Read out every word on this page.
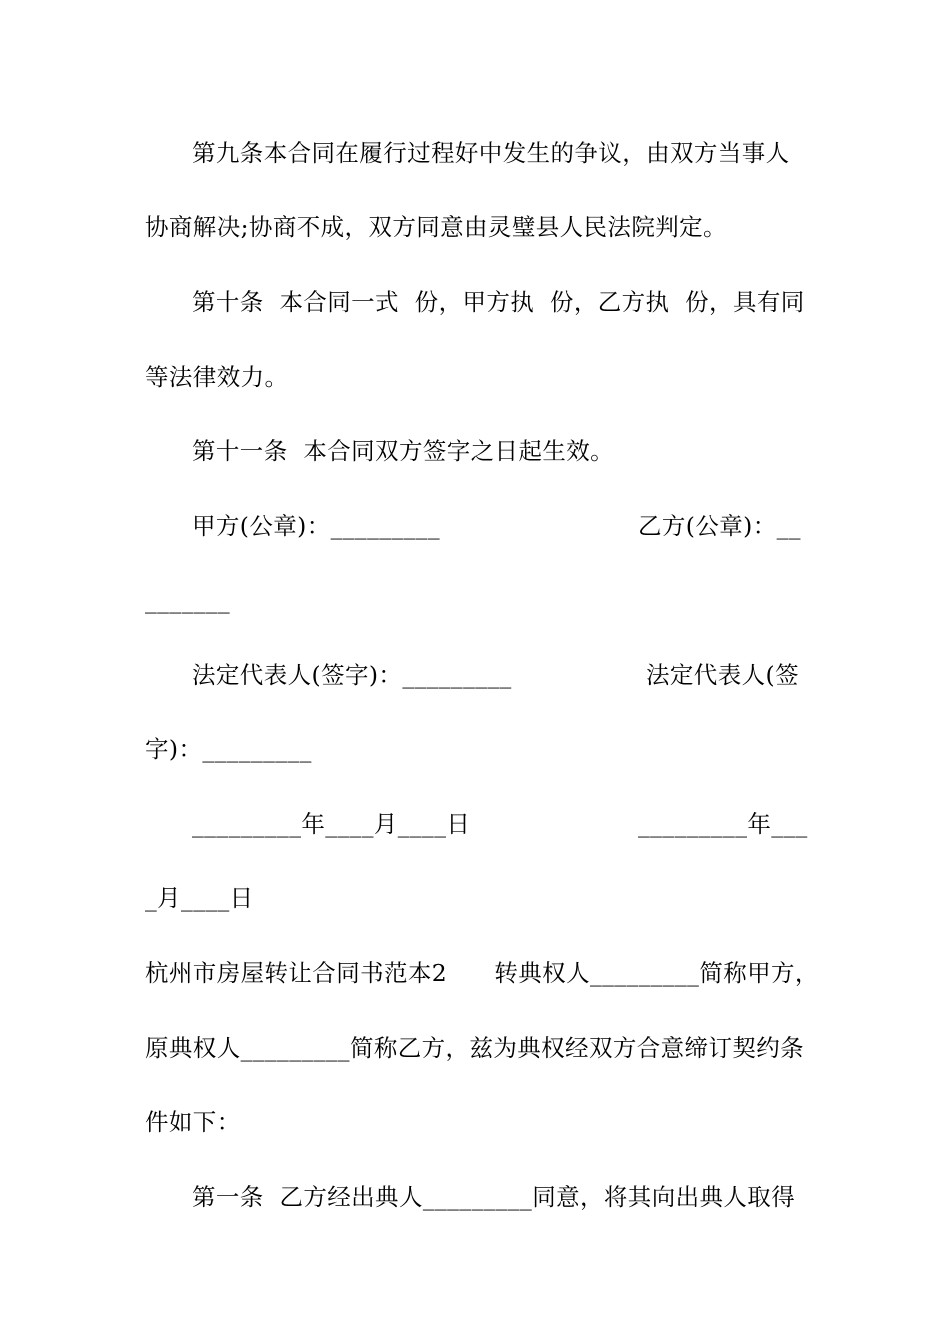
第九条本合同在履行过程好中发生的争议，由双方当事人
协商解决;协商不成，双方同意由灵璧县人民法院判定。
第十条  本合同一式  份，甲方执  份，乙方执  份，具有同
等法律效力。
第十一条  本合同双方签字之日起生效。
甲方(公章)：_________	乙方(公章)：__
_______
法定代表人(签字)：_________	法定代表人(签
字)：_________
_________年____月____日	_________年___
_月____日
杭州市房屋转让合同书范本2      转典权人_________简称甲方，
原典权人_________简称乙方，兹为典权经双方合意缔订契约条
件如下：
第一条  乙方经出典人_________同意，将其向出典人取得
